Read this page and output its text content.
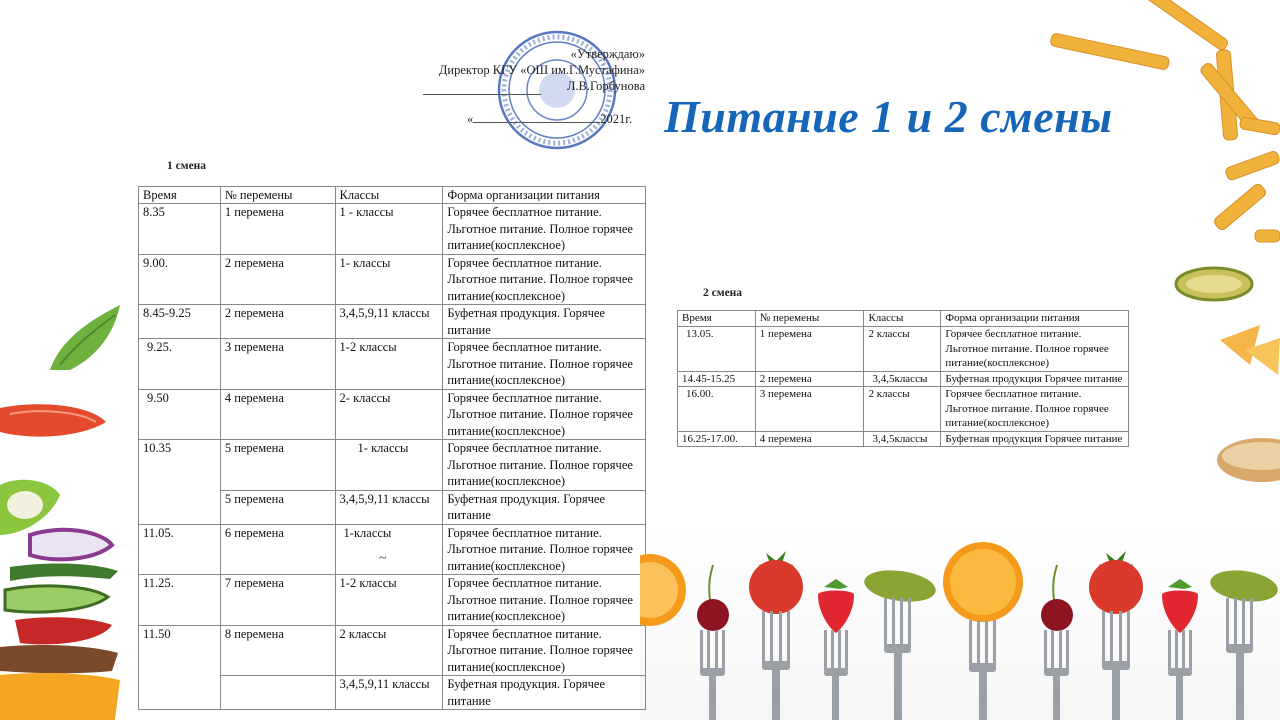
«Утверждаю»
Директор КГУ «ОШ им.Г.Мустафина»
Л.В.Горбунова
«	2021г. Питание 1 и 2 смены
1 смена
Время	№ перемены	Классы	Форма организации питания
8.35	1 перемена	1 - классы	Горячее бесплатное питание. Льготное питание. Полное горячее питание(косплексное)
9.00.	2 перемена	1- классы	Горячее бесплатное питание. Льготное питание. Полное горячее питание(косплексное)
8.45-9.25	2 перемена	3,4,5,9,11 классы	Буфетная продукция. Горячее питание
9.25.	3 перемена	1-2 классы	Горячее бесплатное питание. Льготное питание. Полное горячее питание(косплексное)
9.50	4 перемена	2- классы	Горячее бесплатное питание. Льготное питание. Полное горячее питание(косплексное)
10.35	5 перемена	1- классы	Горячее бесплатное питание. Льготное питание. Полное горячее питание(косплексное)
	5 перемена	3,4,5,9,11 классы	Буфетная продукция. Горячее питание
11.05.	6 перемена	1-классы	Горячее бесплатное питание. Льготное питание. Полное горячее питание(косплексное)
11.25.	7 перемена	1-2 классы	Горячее бесплатное питание. Льготное питание. Полное горячее питание(косплексное)
11.50	8 перемена	2 классы	Горячее бесплатное питание. Льготное питание. Полное горячее питание(косплексное)
		3,4,5,9,11 классы	Буфетная продукция. Горячее питание
~
2 смена
Время	№ перемены	Классы	Форма организации питания
13.05.	1 перемена	2 классы	Горячее бесплатное питание. Льготное питание. Полное горячее питание(косплексное)
14.45-15.25	2 перемена	3,4,5классы	Буфетная продукция Горячее питание
16.00.	3 перемена	2 классы	Горячее бесплатное питание. Льготное питание. Полное горячее питание(косплексное)
16.25-17.00.	4 перемена	3,4,5классы	Буфетная продукция Горячее питание
